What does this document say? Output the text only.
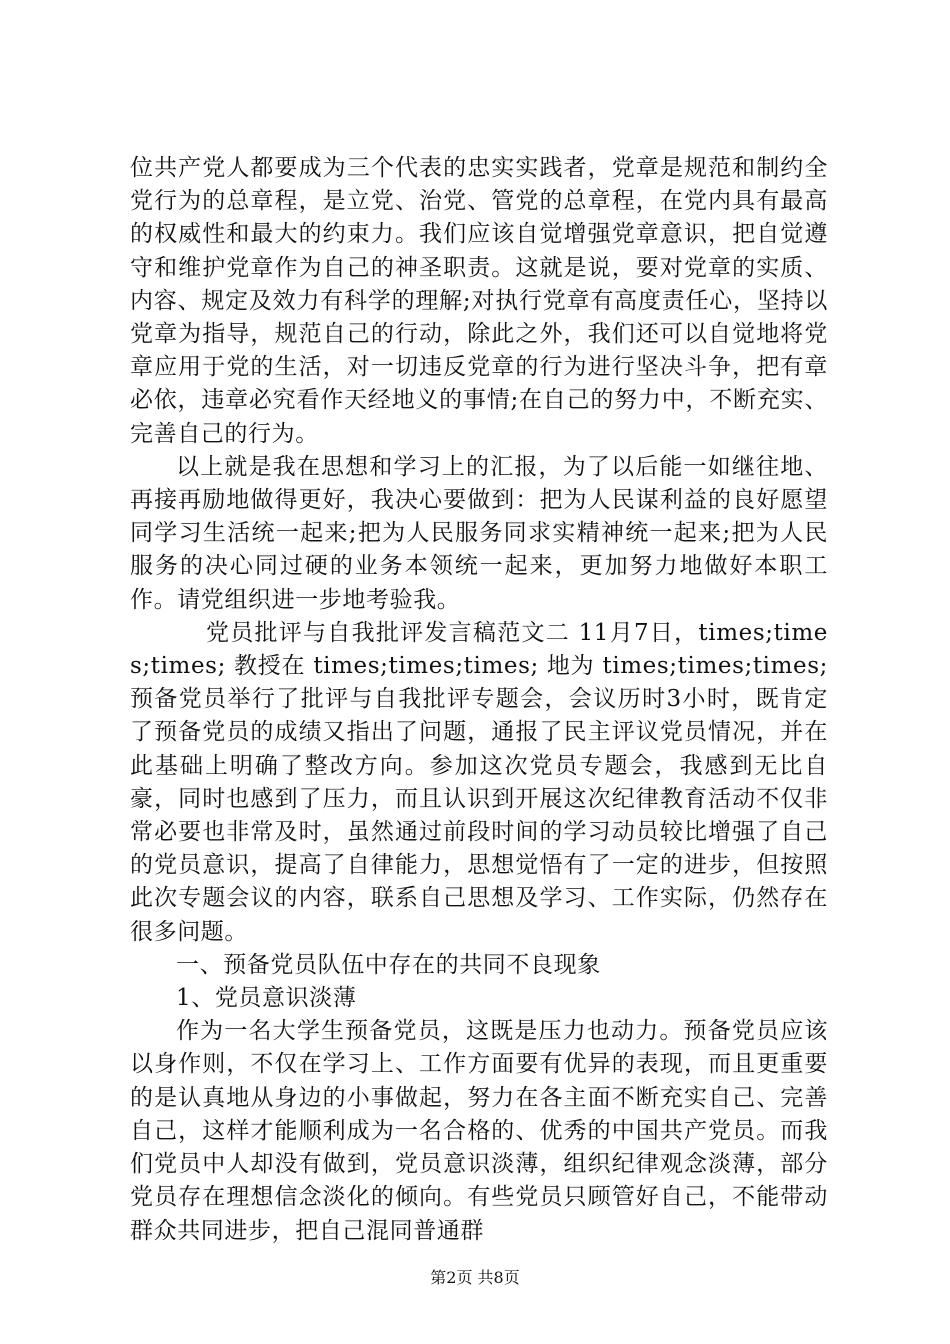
位共产党人都要成为三个代表的忠实实践者，党章是规范和制约全党行为的总章程，是立党、治党、管党的总章程，在党内具有最高的权威性和最大的约束力。我们应该自觉增强党章意识，把自觉遵守和维护党章作为自己的神圣职责。这就是说，要对党章的实质、内容、规定及效力有科学的理解;对执行党章有高度责任心，坚持以党章为指导，规范自己的行动，除此之外，我们还可以自觉地将党章应用于党的生活，对一切违反党章的行为进行坚决斗争，把有章必依，违章必究看作天经地义的事情;在自己的努力中，不断充实、完善自己的行为。

以上就是我在思想和学习上的汇报，为了以后能一如继往地、再接再励地做得更好，我决心要做到：把为人民谋利益的良好愿望同学习生活统一起来;把为人民服务同求实精神统一起来;把为人民服务的决心同过硬的业务本领统一起来，更加努力地做好本职工作。请党组织进一步地考验我。

党员批评与自我批评发言稿范文二 11月7日，times;times;times; 教授在 times;times;times; 地为 times;times;times;预备党员举行了批评与自我批评专题会，会议历时3小时，既肯定了预备党员的成绩又指出了问题，通报了民主评议党员情况，并在此基础上明确了整改方向。参加这次党员专题会，我感到无比自豪，同时也感到了压力，而且认识到开展这次纪律教育活动不仅非常必要也非常及时，虽然通过前段时间的学习动员较比增强了自己的党员意识，提高了自律能力，思想觉悟有了一定的进步，但按照此次专题会议的内容，联系自己思想及学习、工作实际，仍然存在很多问题。

一、预备党员队伍中存在的共同不良现象

1、党员意识淡薄

作为一名大学生预备党员，这既是压力也动力。预备党员应该以身作则，不仅在学习上、工作方面要有优异的表现，而且更重要的是认真地从身边的小事做起，努力在各主面不断充实自己、完善自己，这样才能顺利成为一名合格的、优秀的中国共产党员。而我们党员中人却没有做到，党员意识淡薄，组织纪律观念淡薄，部分党员存在理想信念淡化的倾向。有些党员只顾管好自己，不能带动群众共同进步，把自己混同普通群

第2页 共8页
